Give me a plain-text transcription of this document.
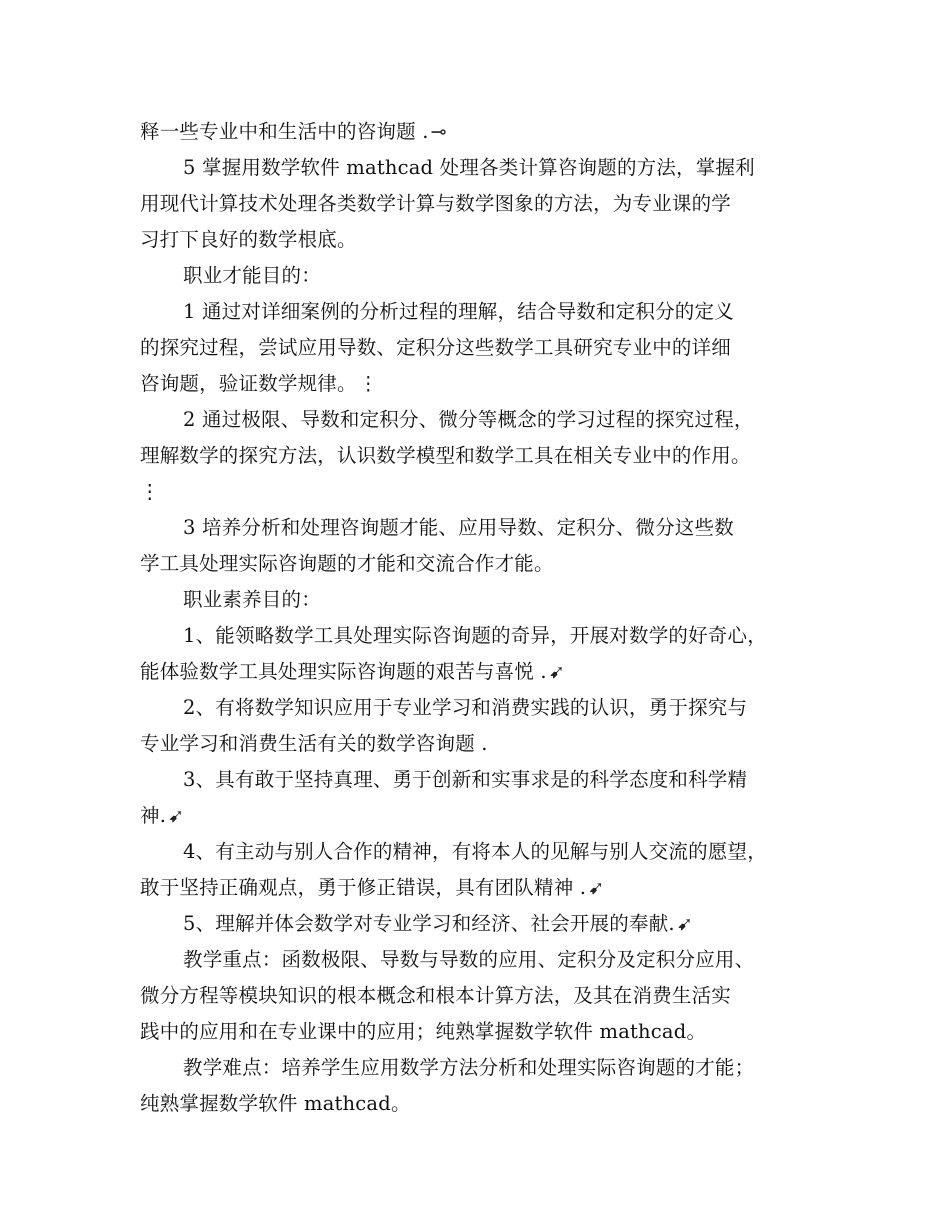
释一些专业中和生活中的咨询题 . ⊸
5 掌握用数学软件 mathcad 处理各类计算咨询题的方法，掌握利
用现代计算技术处理各类数学计算与数学图象的方法，为专业课的学
习打下良好的数学根底。
职业才能目的：
1 通过对详细案例的分析过程的理解，结合导数和定积分的定义
的探究过程，尝试应用导数、定积分这些数学工具研究专业中的详细
咨询题，验证数学规律。 ⋮
2 通过极限、导数和定积分、微分等概念的学习过程的探究过程，
理解数学的探究方法，认识数学模型和数学工具在相关专业中的作用。
⋮
3 培养分析和处理咨询题才能、应用导数、定积分、微分这些数
学工具处理实际咨询题的才能和交流合作才能。
职业素养目的：
1、能领略数学工具处理实际咨询题的奇异，开展对数学的好奇心，
能体验数学工具处理实际咨询题的艰苦与喜悦 . ➹
2、有将数学知识应用于专业学习和消费实践的认识，勇于探究与
专业学习和消费生活有关的数学咨询题 .
3、具有敢于坚持真理、勇于创新和实事求是的科学态度和科学精
神. ➹
4、有主动与别人合作的精神，有将本人的见解与别人交流的愿望，
敢于坚持正确观点，勇于修正错误，具有团队精神 . ➹
5、理解并体会数学对专业学习和经济、社会开展的奉献. ➹
教学重点：函数极限、导数与导数的应用、定积分及定积分应用、
微分方程等模块知识的根本概念和根本计算方法，及其在消费生活实
践中的应用和在专业课中的应用；纯熟掌握数学软件 mathcad。
教学难点：培养学生应用数学方法分析和处理实际咨询题的才能；
纯熟掌握数学软件 mathcad。
